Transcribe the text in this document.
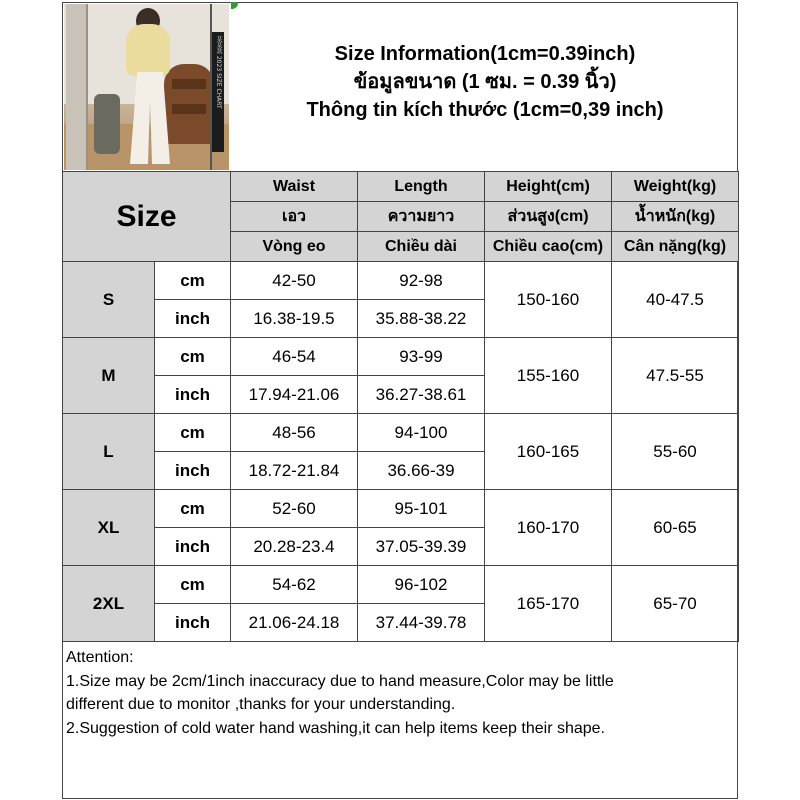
某某款 2023 SIZE CHART	Size Information(1cm=0.39inch)
ข้อมูลขนาด (1 ซม. = 0.39 นิ้ว)
Thông tin kích thước (1cm=0,39 inch)
Size		Waist	Length	Height(cm)	Weight(kg)
		เอว	ความยาว	ส่วนสูง(cm)	น้ำหนัก(kg)
		Vòng eo	Chiều dài	Chiều cao(cm)	Cân nặng(kg)
S	cm	42-50	92-98	150-160	40-47.5
	inch	16.38-19.5	35.88-38.22		
M	cm	46-54	93-99	155-160	47.5-55
	inch	17.94-21.06	36.27-38.61		
L	cm	48-56	94-100	160-165	55-60
	inch	18.72-21.84	36.66-39		
XL	cm	52-60	95-101	160-170	60-65
	inch	20.28-23.4	37.05-39.39		
2XL	cm	54-62	96-102	165-170	65-70
	inch	21.06-24.18	37.44-39.78		
Attention:
1.Size may be 2cm/1inch inaccuracy due to hand measure,Color may be little
different due to monitor ,thanks for your understanding.
2.Suggestion of cold water hand washing,it can help items keep their shape.
